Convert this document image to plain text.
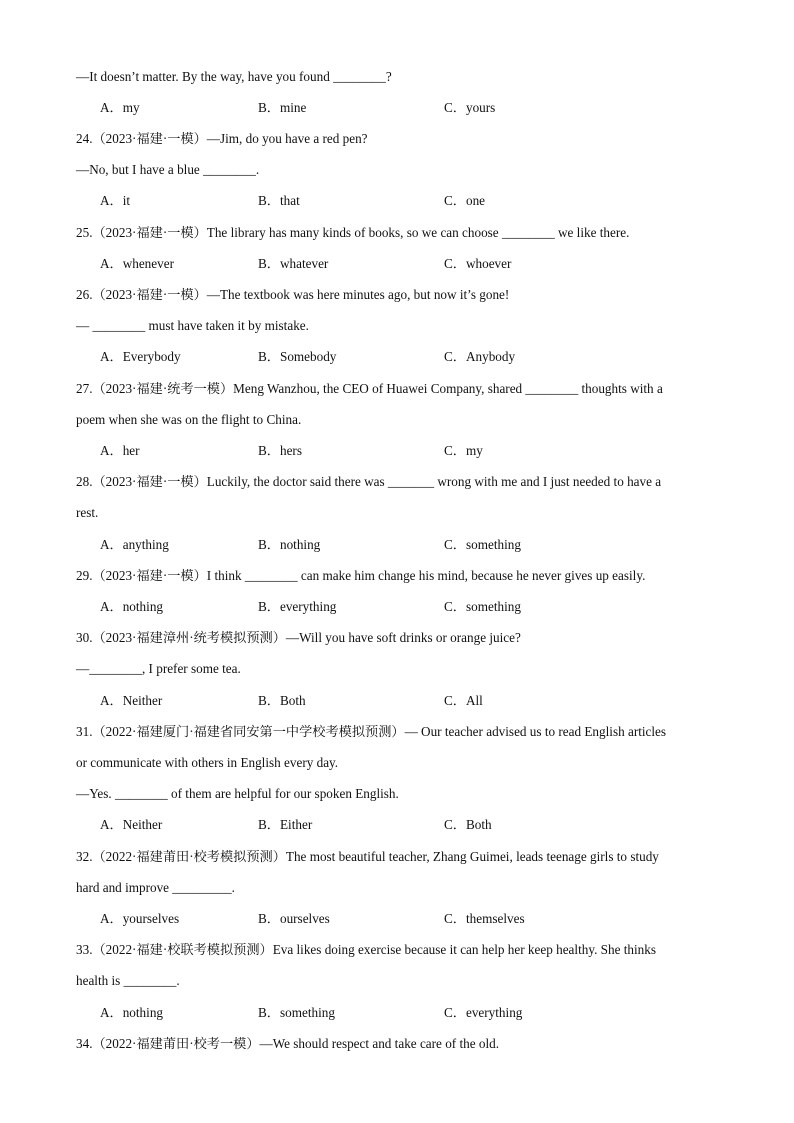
—It doesn’t matter. By the way, have you found ________?
A．my	B．mine	C．yours
24.（2023·福建·一模）—Jim, do you have a red pen?
—No, but I have a blue ________.
A．it	B．that	C．one
25.（2023·福建·一模）The library has many kinds of books, so we can choose ________ we like there.
A．whenever	B．whatever	C．whoever
26.（2023·福建·一模）—The textbook was here minutes ago, but now it’s gone!
— ________ must have taken it by mistake.
A．Everybody	B．Somebody	C．Anybody
27.（2023·福建·统考一模）Meng Wanzhou, the CEO of Huawei Company, shared ________ thoughts with a
poem when she was on the flight to China.
A．her	B．hers	C．my
28.（2023·福建·一模）Luckily, the doctor said there was _______ wrong with me and I just needed to have a
rest.
A．anything	B．nothing	C．something
29.（2023·福建·一模）I think ________ can make him change his mind, because he never gives up easily.
A．nothing	B．everything	C．something
30.（2023·福建漳州·统考模拟预测）—Will you have soft drinks or orange juice?
—________, I prefer some tea.
A．Neither	B．Both	C．All
31.（2022·福建厦门·福建省同安第一中学校考模拟预测）— Our teacher advised us to read English articles
or communicate with others in English every day.
—Yes. ________ of them are helpful for our spoken English.
A．Neither	B．Either	C．Both
32.（2022·福建莆田·校考模拟预测）The most beautiful teacher, Zhang Guimei, leads teenage girls to study
hard and improve _________.
A．yourselves	B．ourselves	C．themselves
33.（2022·福建·校联考模拟预测）Eva likes doing exercise because it can help her keep healthy. She thinks
health is ________.
A．nothing	B．something	C．everything
34.（2022·福建莆田·校考一模）—We should respect and take care of the old.
